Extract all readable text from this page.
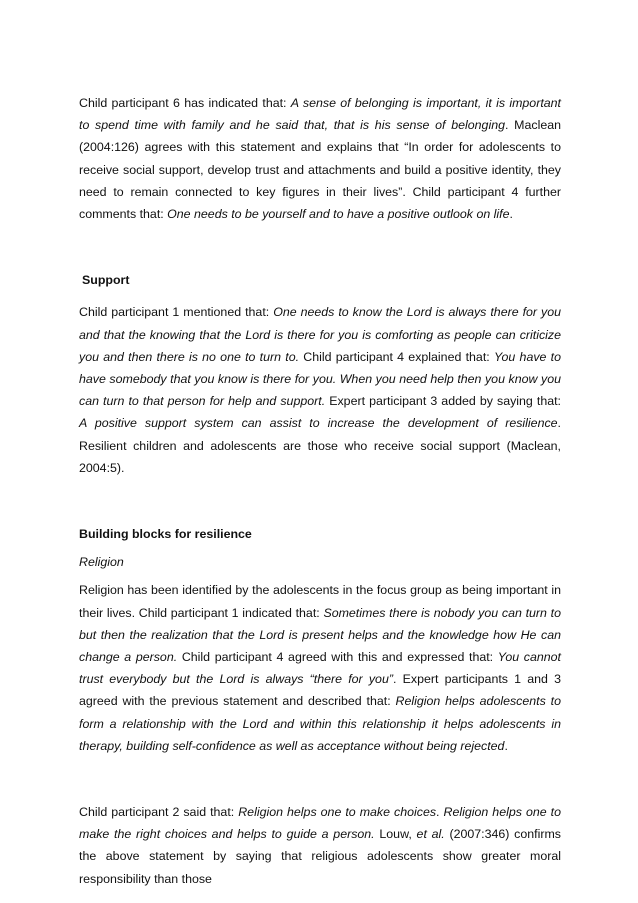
Child participant 6 has indicated that: A sense of belonging is important, it is important to spend time with family and he said that, that is his sense of belonging. Maclean (2004:126) agrees with this statement and explains that “In order for adolescents to receive social support, develop trust and attachments and build a positive identity, they need to remain connected to key figures in their lives”. Child participant 4 further comments that: One needs to be yourself and to have a positive outlook on life.

Support

Child participant 1 mentioned that: One needs to know the Lord is always there for you and that the knowing that the Lord is there for you is comforting as people can criticize you and then there is no one to turn to. Child participant 4 explained that: You have to have somebody that you know is there for you. When you need help then you know you can turn to that person for help and support. Expert participant 3 added by saying that: A positive support system can assist to increase the development of resilience. Resilient children and adolescents are those who receive social support (Maclean, 2004:5).

Building blocks for resilience
Religion

Religion has been identified by the adolescents in the focus group as being important in their lives. Child participant 1 indicated that: Sometimes there is nobody you can turn to but then the realization that the Lord is present helps and the knowledge how He can change a person. Child participant 4 agreed with this and expressed that: You cannot trust everybody but the Lord is always “there for you”. Expert participants 1 and 3 agreed with the previous statement and described that: Religion helps adolescents to form a relationship with the Lord and within this relationship it helps adolescents in therapy, building self-confidence as well as acceptance without being rejected.

Child participant 2 said that: Religion helps one to make choices. Religion helps one to make the right choices and helps to guide a person. Louw, et al. (2007:346) confirms the above statement by saying that religious adolescents show greater moral responsibility than those
